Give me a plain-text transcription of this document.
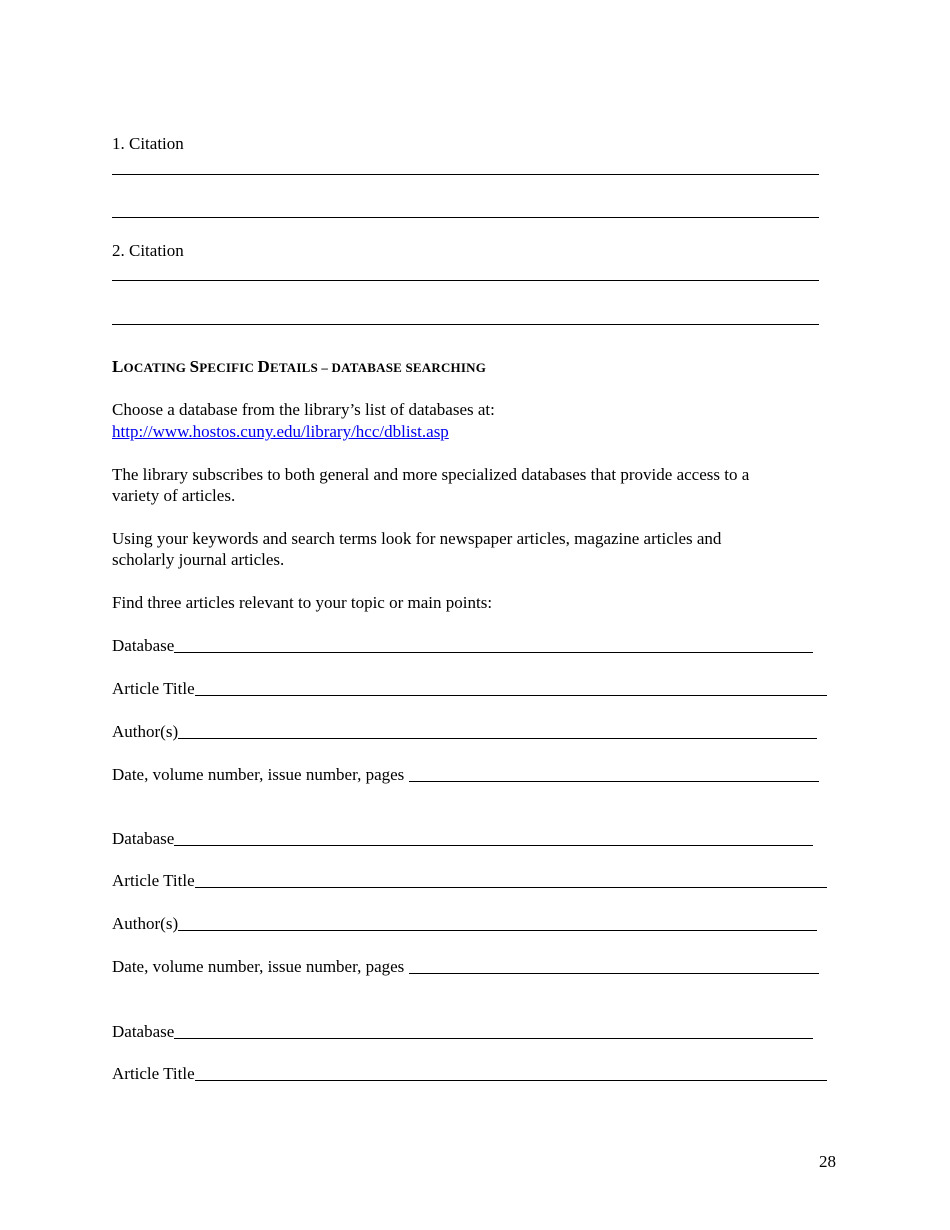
1. Citation
2. Citation
LOCATING SPECIFIC DETAILS – DATABASE SEARCHING
Choose a database from the library’s list of databases at:
http://www.hostos.cuny.edu/library/hcc/dblist.asp
The library subscribes to both general and more specialized databases that provide access to a
variety of articles.
Using your keywords and search terms look for newspaper articles, magazine articles and
scholarly journal articles.
Find three articles relevant to your topic or main points:
Database
Article Title
Author(s)
Date, volume number, issue number, pages
Database
Article Title
Author(s)
Date, volume number, issue number, pages
Database
Article Title
28
